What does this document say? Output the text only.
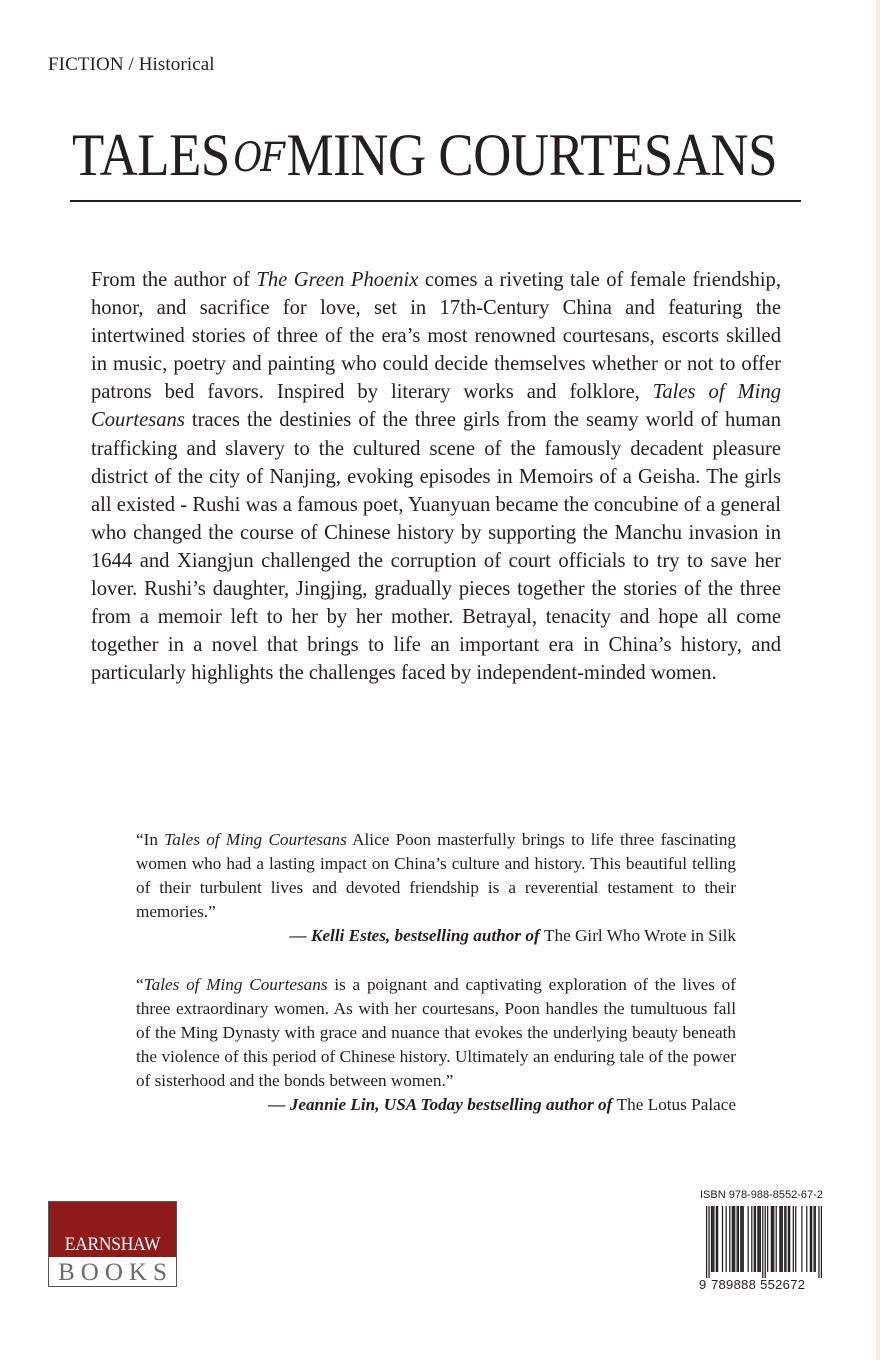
FICTION / Historical
TALESOFMING COURTESANS
From the author of The Green Phoenix comes a riveting tale of female friendship, honor, and sacrifice for love, set in 17th-Century China and featuring the intertwined stories of three of the era’s most renowned courtesans, escorts skilled in music, poetry and painting who could decide themselves whether or not to offer patrons bed favors. Inspired by literary works and folklore, Tales of Ming Courtesans traces the destinies of the three girls from the seamy world of human trafficking and slavery to the cultured scene of the famously decadent pleasure district of the city of Nanjing, evoking episodes in Memoirs of a Geisha. The girls all existed - Rushi was a famous poet, Yuanyuan became the concubine of a general who changed the course of Chinese history by supporting the Manchu invasion in 1644 and Xiangjun challenged the corruption of court officials to try to save her lover. Rushi’s daughter, Jingjing, gradually pieces together the stories of the three from a memoir left to her by her mother. Betrayal, tenacity and hope all come together in a novel that brings to life an important era in China’s history, and particularly highlights the challenges faced by independent-minded women.
“In Tales of Ming Courtesans Alice Poon masterfully brings to life three fascinating women who had a lasting impact on China’s culture and history. This beautiful telling of their turbulent lives and devoted friendship is a reverential testament to their memories.”
— Kelli Estes, bestselling author of The Girl Who Wrote in Silk
“Tales of Ming Courtesans is a poignant and captivating exploration of the lives of three extraordinary women. As with her courtesans, Poon handles the tumultuous fall of the Ming Dynasty with grace and nuance that evokes the underlying beauty beneath the violence of this period of Chinese history. Ultimately an enduring tale of the power of sisterhood and the bonds between women.”
— Jeannie Lin, USA Today bestselling author of The Lotus Palace
EARNSHAW
BOOKS
ISBN 978-988-8552-67-2
9 789888 552672
